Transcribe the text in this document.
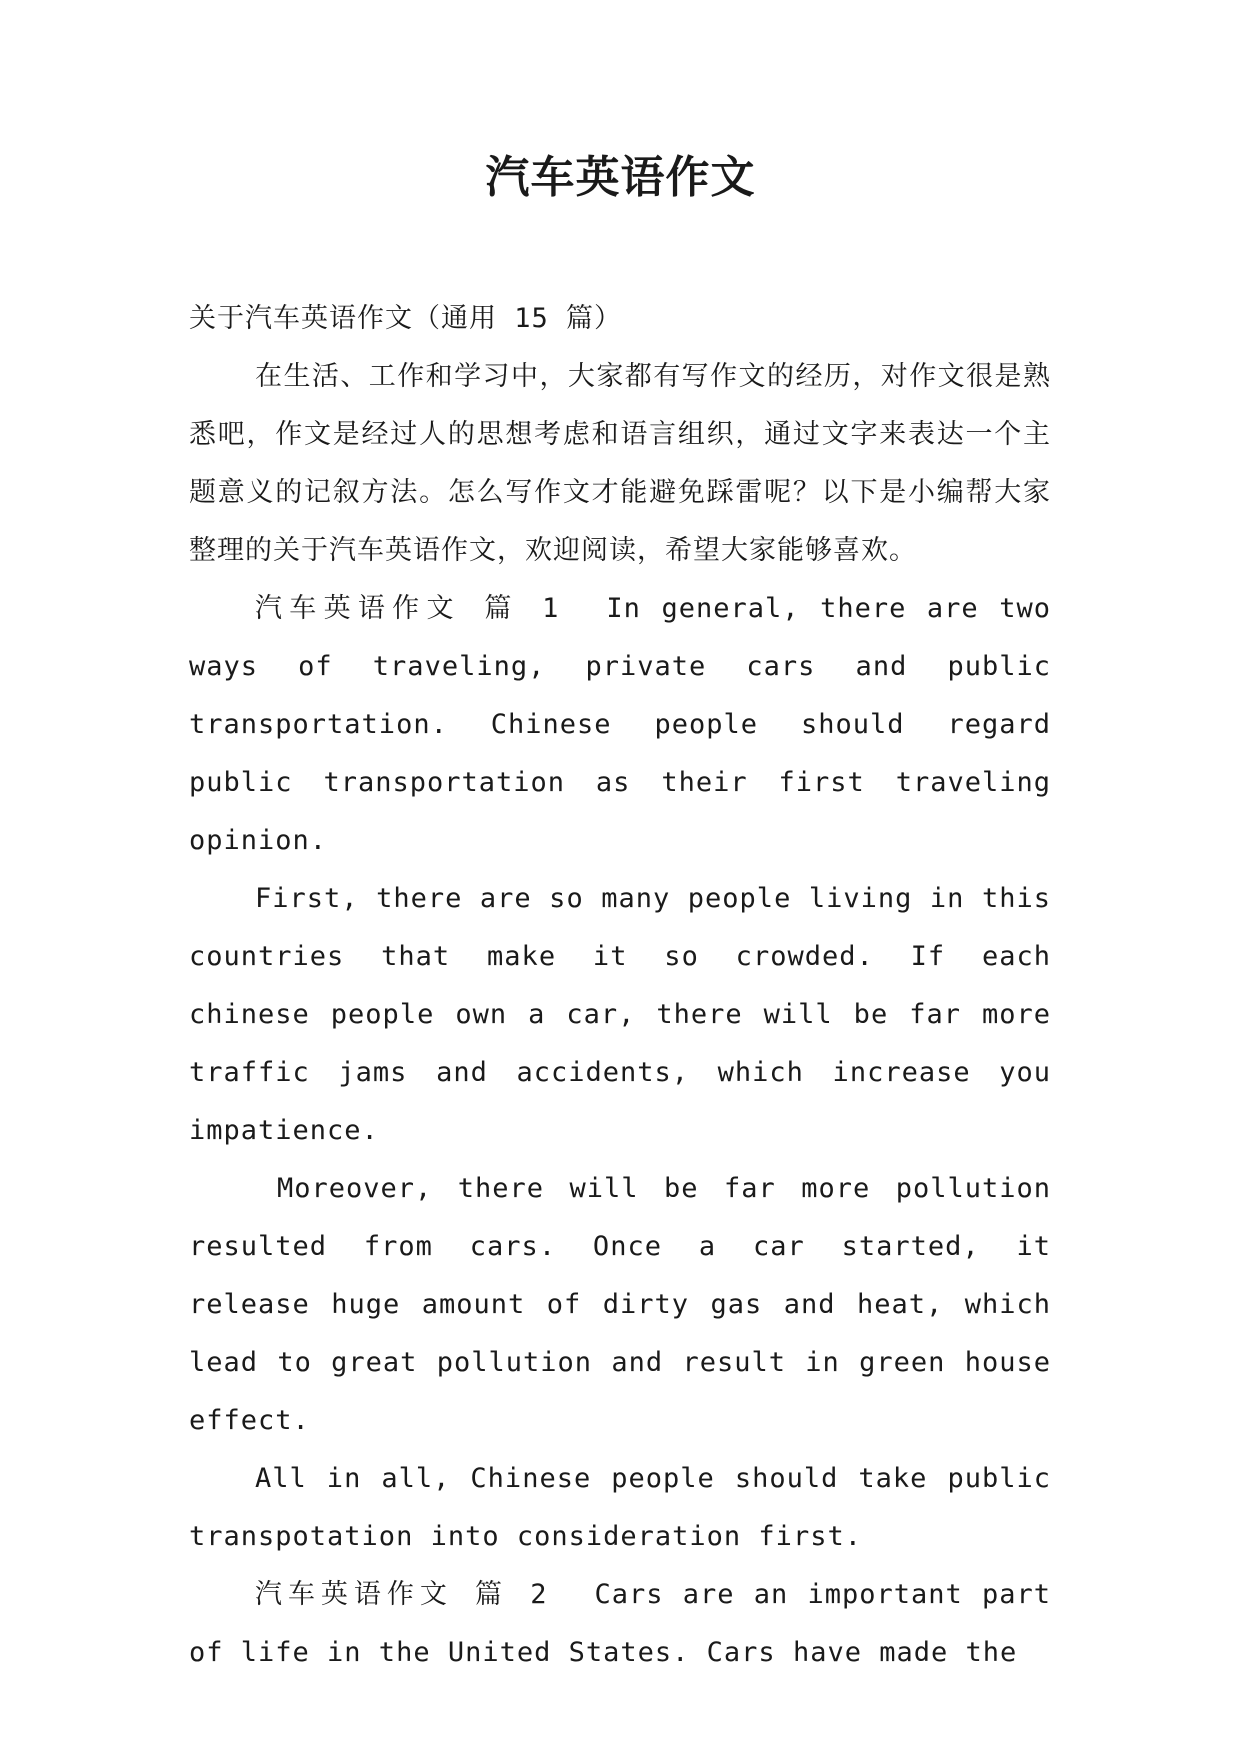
汽车英语作文

关于汽车英语作文（通用 15 篇）

在生活、工作和学习中，大家都有写作文的经历，对作文很是熟悉吧，作文是经过人的思想考虑和语言组织，通过文字来表达一个主题意义的记叙方法。怎么写作文才能避免踩雷呢？以下是小编帮大家整理的关于汽车英语作文，欢迎阅读，希望大家能够喜欢。

汽车英语作文 篇 1 In general, there are two ways of traveling, private cars and public transportation. Chinese people should regard public transportation as their first traveling opinion.

First, there are so many people living in this countries that make it so crowded. If each chinese people own a car, there will be far more traffic jams and accidents, which increase you impatience.

Moreover, there will be far more pollution resulted from cars. Once a car started, it release huge amount of dirty gas and heat, which lead to great pollution and result in green house effect.

All in all, Chinese people should take public transpotation into consideration first.

汽车英语作文 篇 2 Cars are an important part of life in the United States. Cars have made the
